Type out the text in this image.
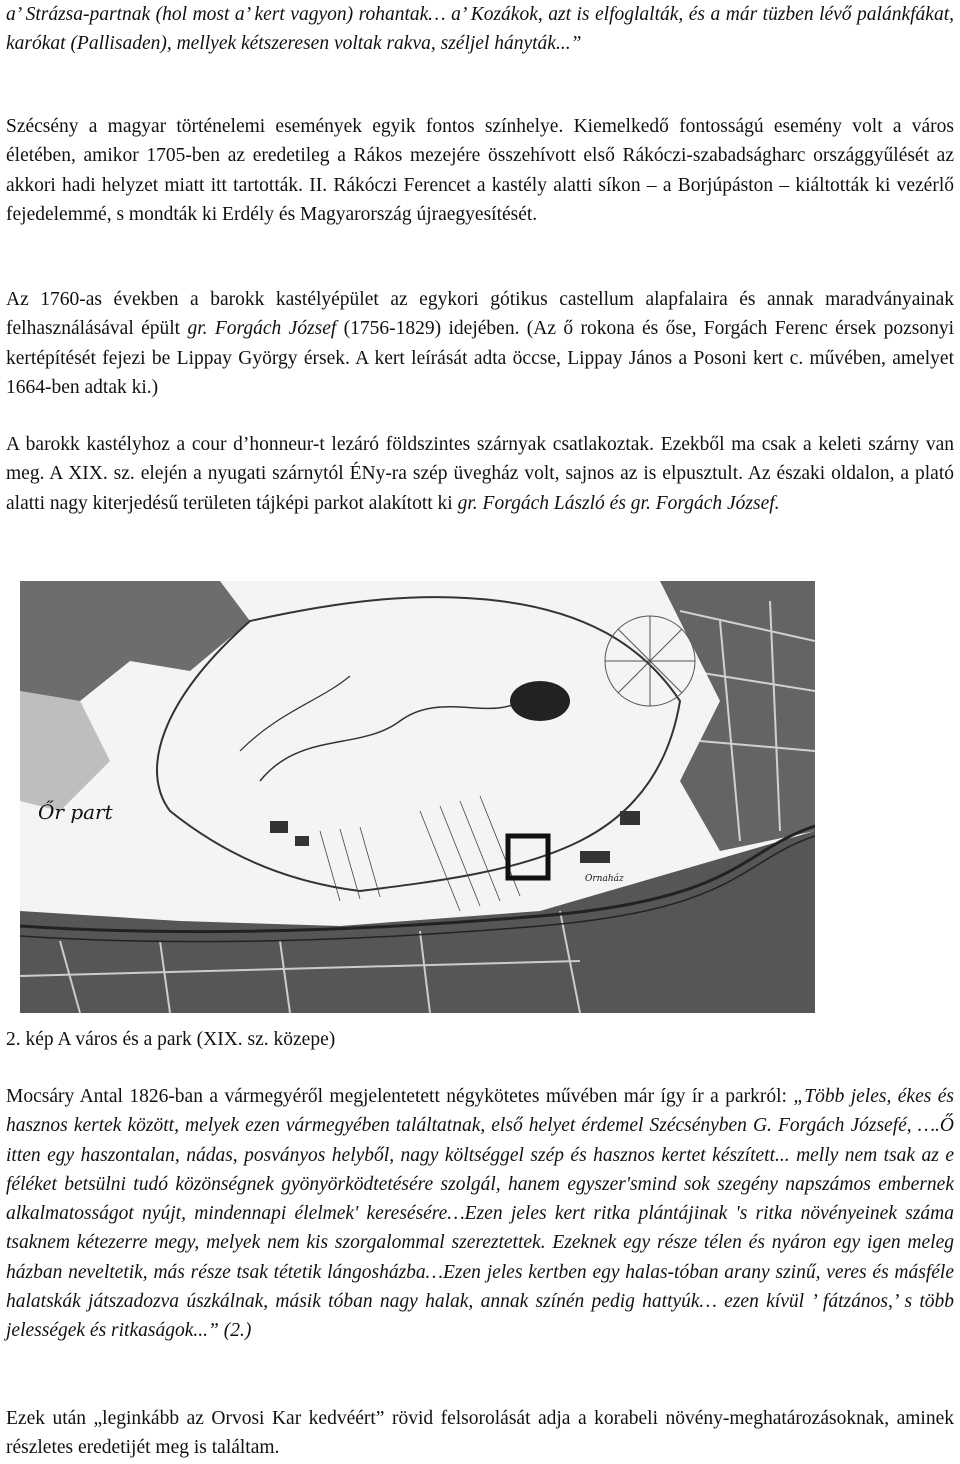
a’ Strázsa-partnak (hol most a’ kert vagyon) rohantak… a’ Kozákok, azt is elfoglalták, és a már tüzben lévő palánkfákat, karókat (Pallisaden), mellyek kétszeresen voltak rakva, széljel hányták...”

Szécsény a magyar történelemi események egyik fontos színhelye. Kiemelkedő fontosságú esemény volt a város életében, amikor 1705-ben az eredetileg a Rákos mezejére összehívott első Rákóczi-szabadságharc országgyűlését az akkori hadi helyzet miatt itt tartották. II. Rákóczi Ferencet a kastély alatti síkon – a Borjúpáston – kiáltották ki vezérlő fejedelemmé, s mondták ki Erdély és Magyarország újraegyesítését.

Az 1760-as években a barokk kastélyépület az egykori gótikus castellum alapfalaira és annak maradványainak felhasználásával épült gr. Forgách József (1756-1829) idejében. (Az ő rokona és őse, Forgách Ferenc érsek pozsonyi kertépítését fejezi be Lippay György érsek. A kert leírását adta öccse, Lippay János a Posoni kert c. művében, amelyet 1664-ben adtak ki.)

A barokk kastélyhoz a cour d’honneur-t lezáró földszintes szárnyak csatlakoztak. Ezekből ma csak a keleti szárny van meg. A XIX. sz. elején a nyugati szárnytól ÉNy-ra szép üvegház volt, sajnos az is elpusztult. Az északi oldalon, a plató alatti nagy kiterjedésű területen tájképi parkot alakított ki gr. Forgách László és gr. Forgách József.

Őr part
Ornaház

2. kép A város és a park (XIX. sz. közepe)

Mocsáry Antal 1826-ban a vármegyéről megjelentetett négykötetes művében már így ír a parkról: „Több jeles, ékes és hasznos kertek között, melyek ezen vármegyében találtatnak, első helyet érdemel Szécsényben G. Forgách Józsefé, ….Ő itten egy haszontalan, nádas, posványos helyből, nagy költséggel szép és hasznos kertet készített... melly nem tsak az e féléket betsülni tudó közönségnek gyönyörködtetésére szolgál, hanem egyszer'smind sok szegény napszámos embernek alkalmatosságot nyújt, mindennapi élelmek' keresésére…Ezen jeles kert ritka plántájinak 's ritka növényeinek száma tsaknem kétezerre megy, melyek nem kis szorgalommal szereztettek. Ezeknek egy része télen és nyáron egy igen meleg házban neveltetik, más része tsak tétetik lángosházba…Ezen jeles kertben egy halas-tóban arany szinű, veres és másféle halatskák játszadozva úszkálnak, másik tóban nagy halak, annak színén pedig hattyúk… ezen kívül ’ fátzános,’ s több jelességek és ritkaságok...” (2.)

Ezek után „leginkább az Orvosi Kar kedvéért” rövid felsorolását adja a korabeli növény-meghatározásoknak, aminek részletes eredetijét meg is találtam.
